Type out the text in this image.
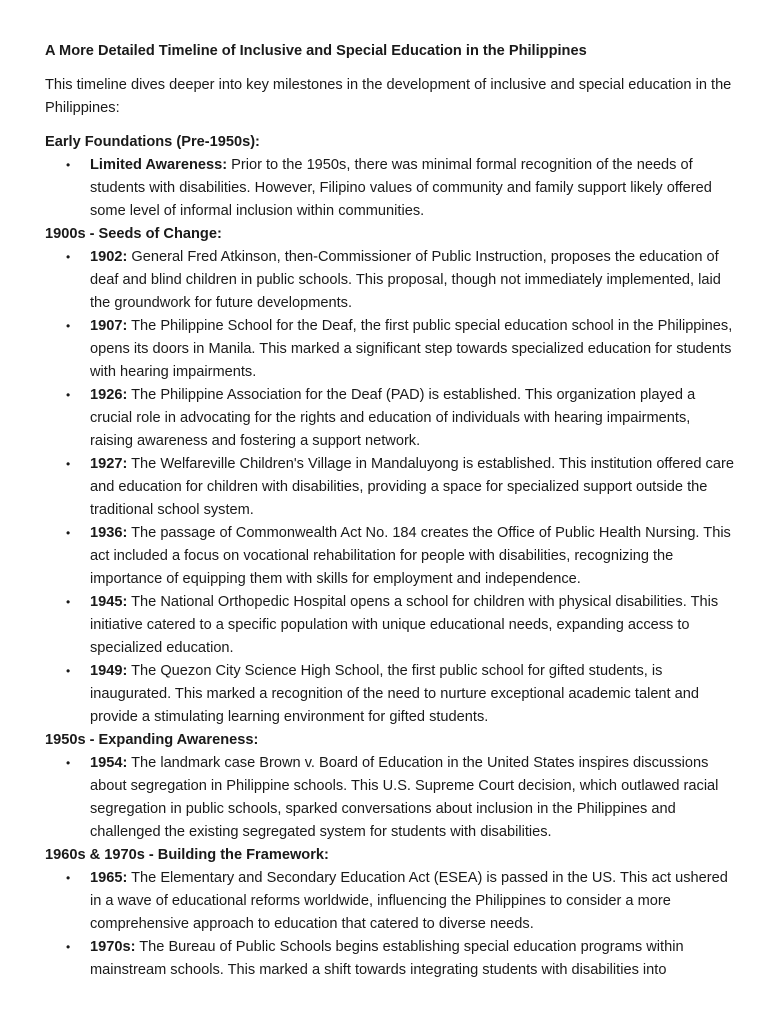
A More Detailed Timeline of Inclusive and Special Education in the Philippines
This timeline dives deeper into key milestones in the development of inclusive and special education in the Philippines:
Early Foundations (Pre-1950s):
• Limited Awareness: Prior to the 1950s, there was minimal formal recognition of the needs of students with disabilities. However, Filipino values of community and family support likely offered some level of informal inclusion within communities.
1900s - Seeds of Change:
• 1902: General Fred Atkinson, then-Commissioner of Public Instruction, proposes the education of deaf and blind children in public schools. This proposal, though not immediately implemented, laid the groundwork for future developments.
• 1907: The Philippine School for the Deaf, the first public special education school in the Philippines, opens its doors in Manila. This marked a significant step towards specialized education for students with hearing impairments.
• 1926: The Philippine Association for the Deaf (PAD) is established. This organization played a crucial role in advocating for the rights and education of individuals with hearing impairments, raising awareness and fostering a support network.
• 1927: The Welfareville Children's Village in Mandaluyong is established. This institution offered care and education for children with disabilities, providing a space for specialized support outside the traditional school system.
• 1936: The passage of Commonwealth Act No. 184 creates the Office of Public Health Nursing. This act included a focus on vocational rehabilitation for people with disabilities, recognizing the importance of equipping them with skills for employment and independence.
• 1945: The National Orthopedic Hospital opens a school for children with physical disabilities. This initiative catered to a specific population with unique educational needs, expanding access to specialized education.
• 1949: The Quezon City Science High School, the first public school for gifted students, is inaugurated. This marked a recognition of the need to nurture exceptional academic talent and provide a stimulating learning environment for gifted students.
1950s - Expanding Awareness:
• 1954: The landmark case Brown v. Board of Education in the United States inspires discussions about segregation in Philippine schools. This U.S. Supreme Court decision, which outlawed racial segregation in public schools, sparked conversations about inclusion in the Philippines and challenged the existing segregated system for students with disabilities.
1960s & 1970s - Building the Framework:
• 1965: The Elementary and Secondary Education Act (ESEA) is passed in the US. This act ushered in a wave of educational reforms worldwide, influencing the Philippines to consider a more comprehensive approach to education that catered to diverse needs.
• 1970s: The Bureau of Public Schools begins establishing special education programs within mainstream schools. This marked a shift towards integrating students with disabilities into
